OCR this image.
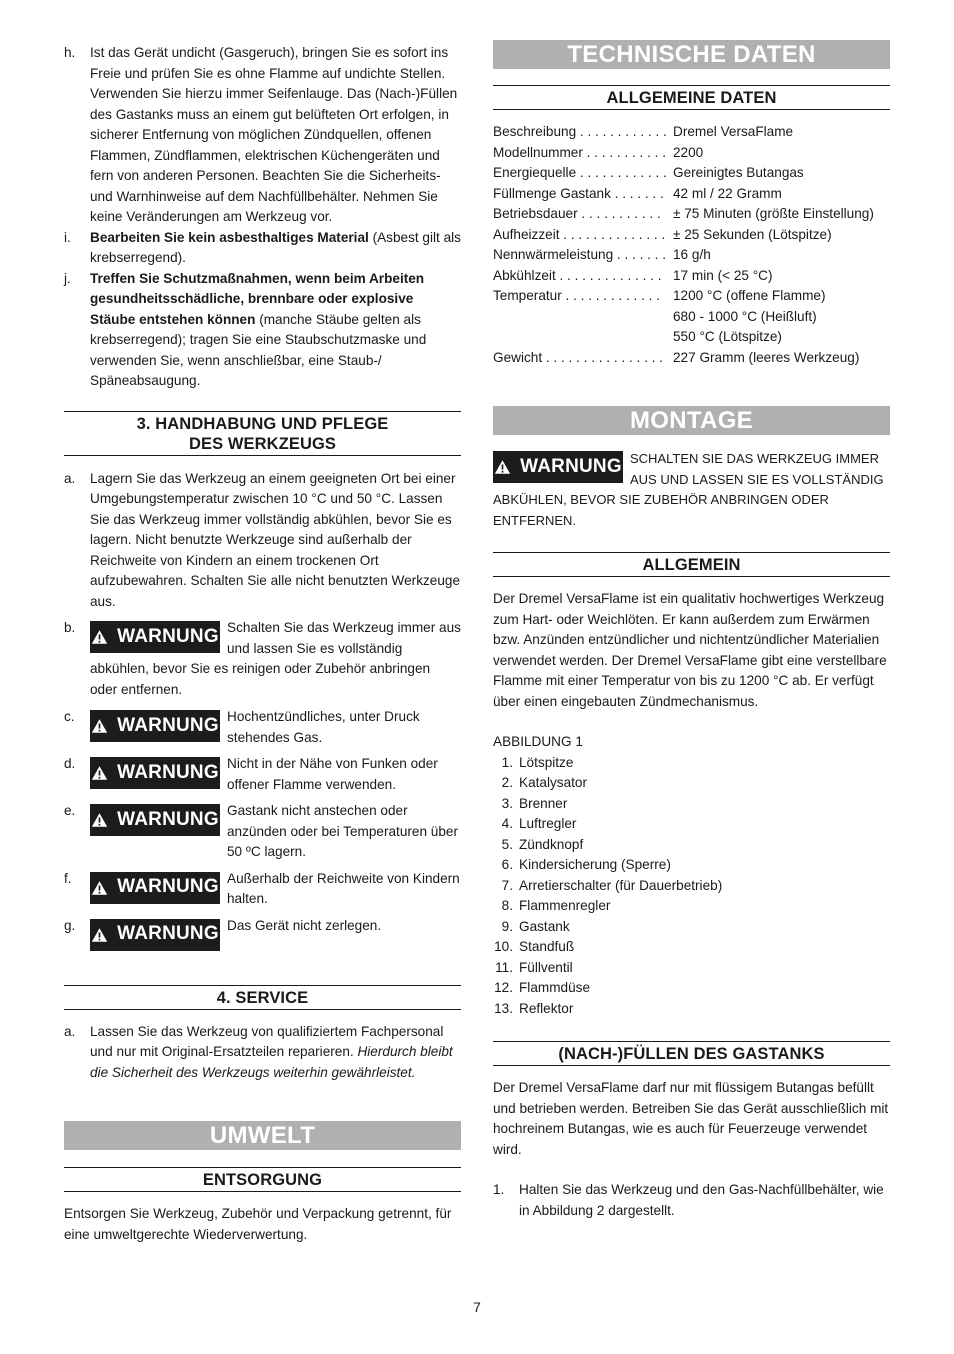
h. Ist das Gerät undicht (Gasgeruch), bringen Sie es sofort ins Freie und prüfen Sie es ohne Flamme auf undichte Stellen. Verwenden Sie hierzu immer Seifenlauge. Das (Nach-)Füllen des Gastanks muss an einem gut belüfteten Ort erfolgen, in sicherer Entfernung von möglichen Zündquellen, offenen Flammen, Zündflammen, elektrischen Küchengeräten und fern von anderen Personen. Beachten Sie die Sicherheits- und Warnhinweise auf dem Nachfüllbehälter. Nehmen Sie keine Veränderungen am Werkzeug vor.

i. Bearbeiten Sie kein asbesthaltiges Material (Asbest gilt als krebserregend).

j. Treffen Sie Schutzmaßnahmen, wenn beim Arbeiten gesundheitsschädliche, brennbare oder explosive Stäube entstehen können (manche Stäube gelten als krebserregend); tragen Sie eine Staubschutzmaske und verwenden Sie, wenn anschließbar, eine Staub-/ Späneabsaugung.

3. HANDHABUNG UND PFLEGE
DES WERKZEUGS
a. Lagern Sie das Werkzeug an einem geeigneten Ort bei einer Umgebungstemperatur zwischen 10 °C und 50 °C. Lassen Sie das Werkzeug immer vollständig abkühlen, bevor Sie es lagern. Nicht benutzte Werkzeuge sind außerhalb der Reichweite von Kindern an einem trockenen Ort aufzubewahren. Schalten Sie alle nicht benutzten Werkzeuge aus.

b. WARNUNG Schalten Sie das Werkzeug immer aus und lassen Sie es vollständig abkühlen, bevor Sie es reinigen oder Zubehör anbringen oder entfernen.

c. WARNUNG Hochentzündliches, unter Druck stehendes Gas.

d. WARNUNG Nicht in der Nähe von Funken oder offener Flamme verwenden.

e. WARNUNG Gastank nicht anstechen oder anzünden oder bei Temperaturen über 50 ºC lagern.

f. WARNUNG Außerhalb der Reichweite von Kindern halten.

g. WARNUNG Das Gerät nicht zerlegen.

4. SERVICE
a. Lassen Sie das Werkzeug von qualifiziertem Fachpersonal und nur mit Original-Ersatzteilen reparieren. Hierdurch bleibt die Sicherheit des Werkzeugs weiterhin gewährleistet.

UMWELT
ENTSORGUNG

Entsorgen Sie Werkzeug, Zubehör und Verpackung getrennt, für eine umweltgerechte Wiederverwertung.

TECHNISCHE DATEN
ALLGEMEINE DATEN
Beschreibung . . . . . . . . . . . .	Dremel VersaFlame
Modellnummer . . . . . . . . . . .	2200
Energiequelle . . . . . . . . . . . .	Gereinigtes Butangas
Füllmenge Gastank . . . . . . .	42 ml / 22 Gramm
Betriebsdauer . . . . . . . . . . .	± 75 Minuten (größte Einstellung)
Aufheizzeit . . . . . . . . . . . . . .	± 25 Sekunden (Lötspitze)
Nennwärmeleistung . . . . . . .	16 g/h
Abkühlzeit . . . . . . . . . . . . . .	17 min (< 25 °C)
Temperatur . . . . . . . . . . . . .	1200 °C (offene Flamme)
	680 - 1000 °C (Heißluft)
	550 °C (Lötspitze)
Gewicht . . . . . . . . . . . . . . . .	227 Gramm (leeres Werkzeug)
MONTAGE
WARNUNG SCHALTEN SIE DAS WERKZEUG IMMER AUS UND LASSEN SIE ES VOLLSTÄNDIG ABKÜHLEN, BEVOR SIE ZUBEHÖR ANBRINGEN ODER ENTFERNEN.

ALLGEMEIN

Der Dremel VersaFlame ist ein qualitativ hochwertiges Werkzeug zum Hart- oder Weichlöten. Er kann außerdem zum Erwärmen bzw. Anzünden entzündlicher und nichtentzündlicher Materialien verwendet werden. Der Dremel VersaFlame gibt eine verstellbare Flamme mit einer Temperatur von bis zu 1200 °C ab. Er verfügt über einen eingebauten Zündmechanismus.

ABBILDUNG 1

1. Lötspitze
2. Katalysator
3. Brenner
4. Luftregler
5. Zündknopf
6. Kindersicherung (Sperre)
7. Arretierschalter (für Dauerbetrieb)
8. Flammenregler
9. Gastank
10. Standfuß
11. Füllventil
12. Flammdüse
13. Reflektor
(NACH-)FÜLLEN DES GASTANKS

Der Dremel VersaFlame darf nur mit flüssigem Butangas befüllt und betrieben werden. Betreiben Sie das Gerät ausschließlich mit hochreinem Butangas, wie es auch für Feuerzeuge verwendet wird.

1. Halten Sie das Werkzeug und den Gas-Nachfüllbehälter, wie in Abbildung 2 dargestellt.

7
